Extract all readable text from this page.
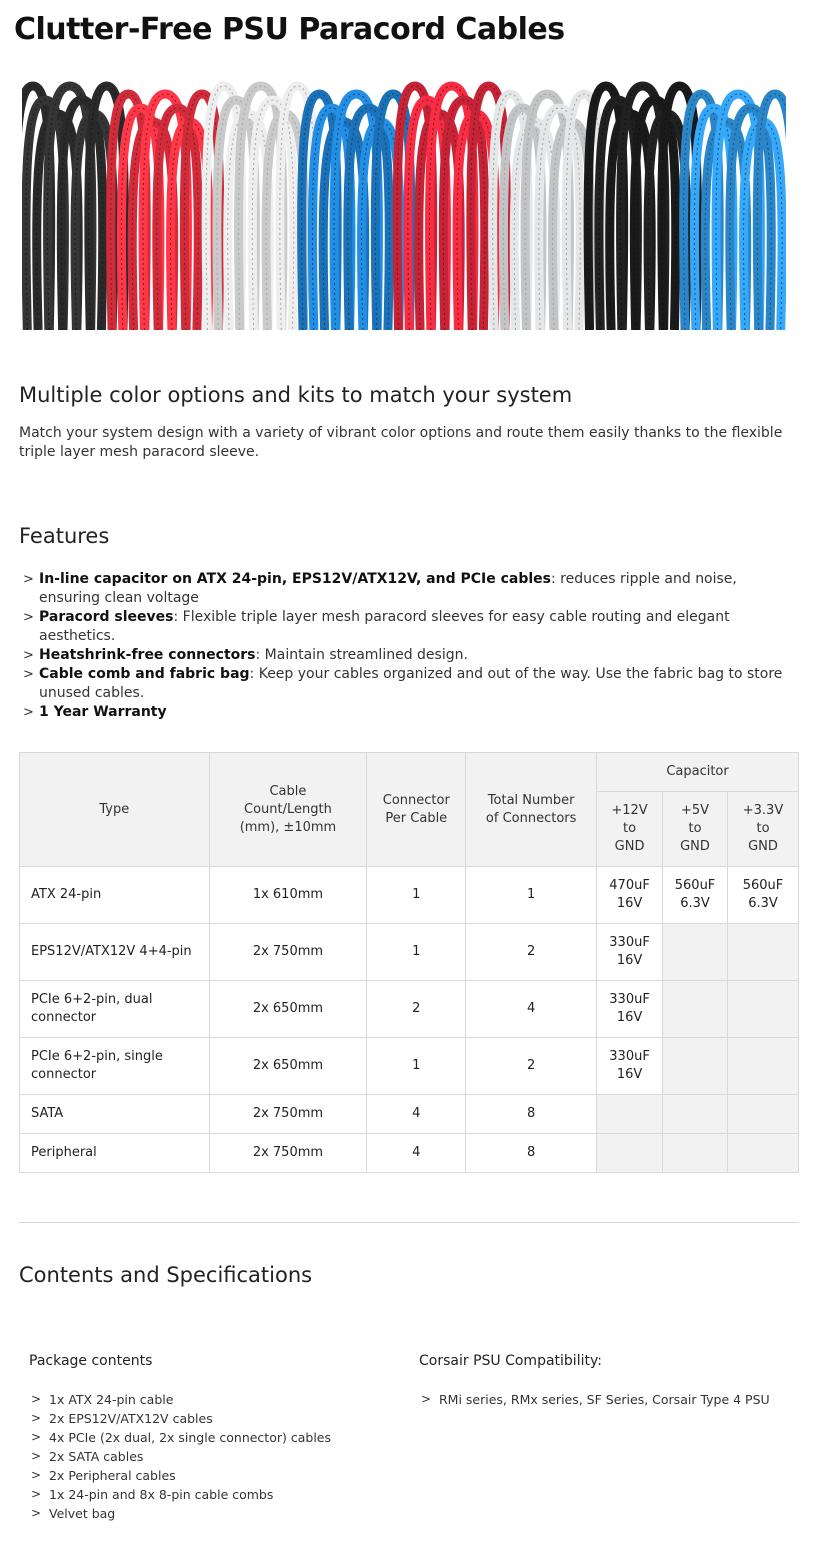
Clutter-Free PSU Paracord Cables
Multiple color options and kits to match your system

Match your system design with a variety of vibrant color options and route them easily thanks to the flexible triple layer mesh paracord sleeve.

Features
> In-line capacitor on ATX 24-pin, EPS12V/ATX12V, and PCIe cables: reduces ripple and noise, ensuring clean voltage
> Paracord sleeves: Flexible triple layer mesh paracord sleeves for easy cable routing and elegant aesthetics.
> Heatshrink-free connectors: Maintain streamlined design.
> Cable comb and fabric bag: Keep your cables organized and out of the way. Use the fabric bag to store unused cables.
> 1 Year Warranty
Type	Cable Count/Length (mm), ±10mm	Connector Per Cable	Total Number of Connectors	Capacitor		
				+12V to GND	+5V to GND	+3.3V to GND
ATX 24-pin	1x 610mm	1	1	470uF 16V	560uF 6.3V	560uF 6.3V
EPS12V/ATX12V 4+4-pin	2x 750mm	1	2	330uF 16V		
PCIe 6+2-pin, dual connector	2x 650mm	2	4	330uF 16V		
PCIe 6+2-pin, single connector	2x 650mm	1	2	330uF 16V		
SATA	2x 750mm	4	8			
Peripheral	2x 750mm	4	8			
Contents and Specifications
Package contents
> 1x ATX 24-pin cable
> 2x EPS12V/ATX12V cables
> 4x PCIe (2x dual, 2x single connector) cables
> 2x SATA cables
> 2x Peripheral cables
> 1x 24-pin and 8x 8-pin cable combs
> Velvet bag
Corsair PSU Compatibility:
> RMi series, RMx series, SF Series, Corsair Type 4 PSU
